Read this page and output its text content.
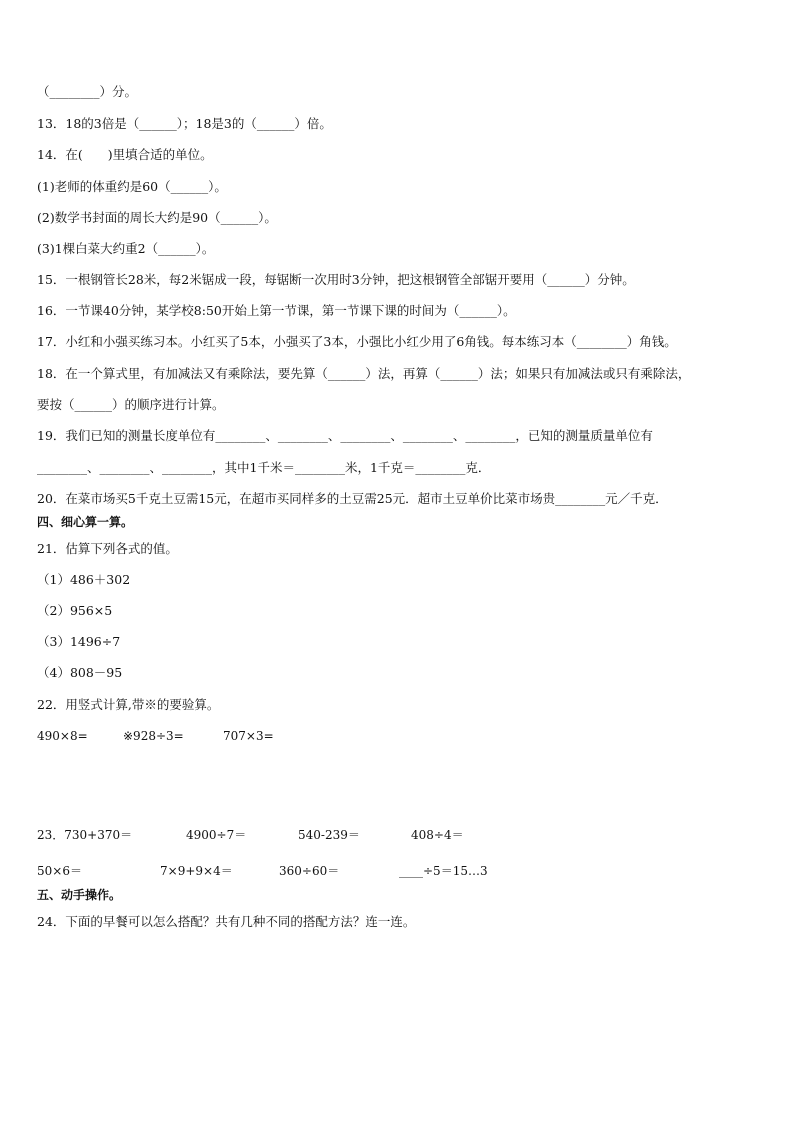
（________）分。
13．18的3倍是（______）；18是3的（______）倍。
14．在(　　)里填合适的单位。
(1)老师的体重约是60（______）。
(2)数学书封面的周长大约是90（______）。
(3)1棵白菜大约重2（______）。
15．一根钢管长28米，每2米锯成一段，每锯断一次用时3分钟，把这根钢管全部锯开要用（______）分钟。
16．一节课40分钟，某学校8:50开始上第一节课，第一节课下课的时间为（______）。
17．小红和小强买练习本。小红买了5本，小强买了3本，小强比小红少用了6角钱。每本练习本（________）角钱。
18．在一个算式里，有加减法又有乘除法，要先算（______）法，再算（______）法；如果只有加减法或只有乘除法，
要按（______）的顺序进行计算。
19．我们已知的测量长度单位有________、________、________、________、________，已知的测量质量单位有
________、________、________，其中1千米＝________米，1千克＝________克．
20．在菜市场买5千克土豆需15元，在超市买同样多的土豆需25元．超市土豆单价比菜市场贵________元／千克．
四、细心算一算。
21．估算下列各式的值。
（1）486＋302
（2）956×5
（3）1496÷7
（4）808－95
22．用竖式计算,带※的要验算。
490×8=	※928÷3=	707×3=
23．730+370＝	4900÷7＝	540-239＝	408÷4＝
50×6＝	7×9+9×4＝	360÷60＝	____÷5＝15…3
五、动手操作。
24．下面的早餐可以怎么搭配？共有几种不同的搭配方法？连一连。
